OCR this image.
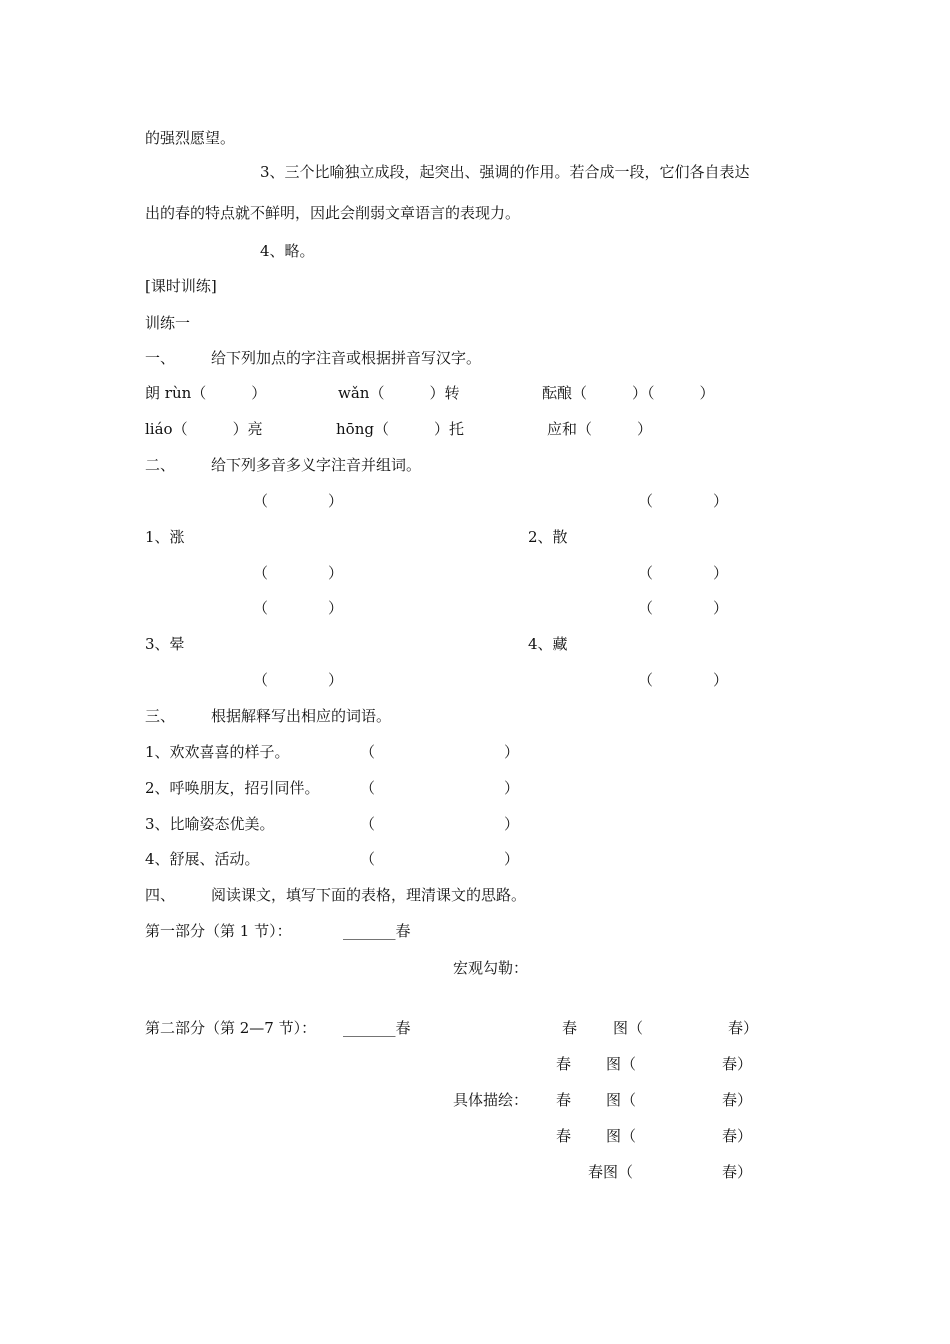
的强烈愿望。
3、三个比喻独立成段，起突出、强调的作用。若合成一段，它们各自表达
出的春的特点就不鲜明，因此会削弱文章语言的表现力。
4、略。
[课时训练]
训练一
一、 给下列加点的字注音或根据拼音写汉字。
朗 rùn（　　　）	wǎn（　　　）转	酝酿（　　　）（　　　）
liáo（　　　）亮	hōng（　　　）托	应和（　　　）
二、 给下列多音多义字注音并组词。
（　　　　）	（　　　　）
1、涨	2、散
（　　　　）	（　　　　）
（　　　　）	（　　　　）
3、晕	4、藏
（　　　　）	（　　　　）
三、 根据解释写出相应的词语。
1、欢欢喜喜的样子。	（	）
2、呼唤朋友，招引同伴。	（	）
3、比喻姿态优美。	（	）
4、舒展、活动。	（	）
四、 阅读课文，填写下面的表格，理清课文的思路。
第一部分（第 1 节）：	_______春
宏观勾勒：
第二部分（第 2—7 节）： _______春	春 图（	春）
春 图（	春）
具体描绘： 春 图（	春）
春 图（	春）
春图（	春）
